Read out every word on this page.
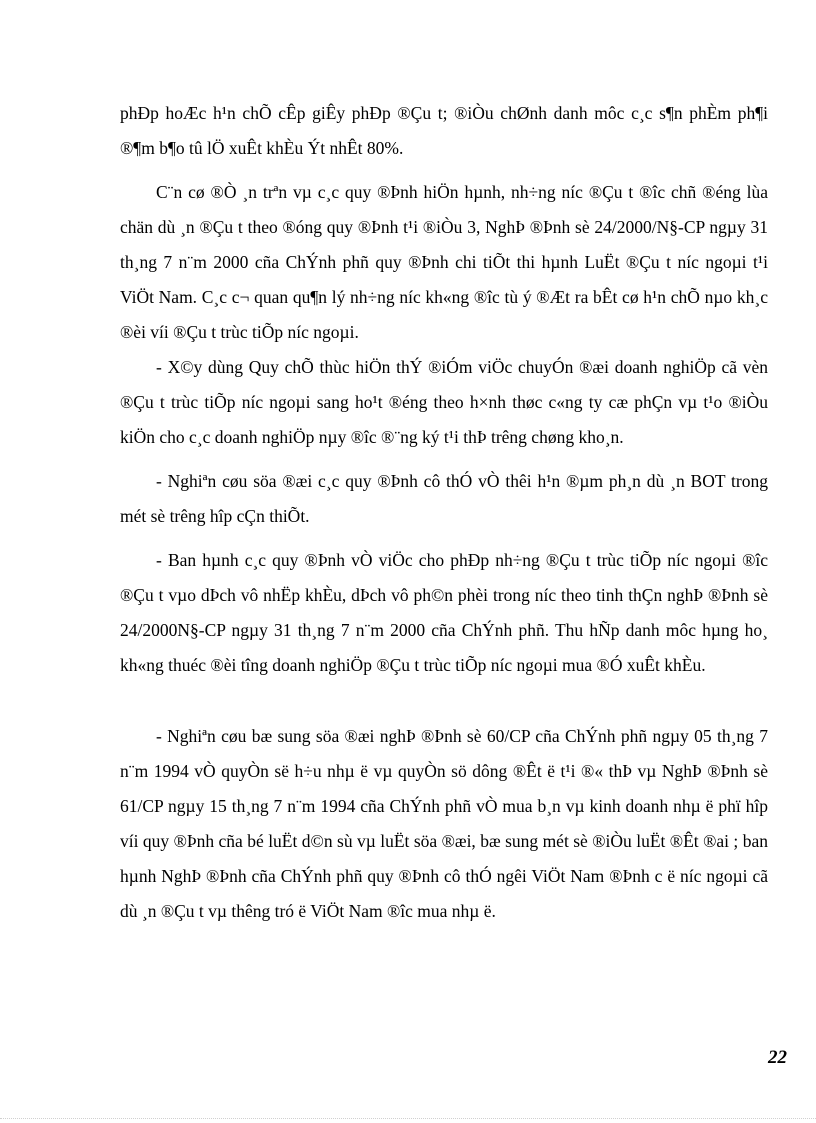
phÐp hoÆc h¹n chÕ cÊp giÊy phÐp ®Çu t; ®iÒu chØnh danh môc c¸c s¶n phÈm ph¶i ®¶m b¶o tû lÖ xuÊt khÈu Ýt nhÊt 80%.

C¨n cø ®Ò ¸n trªn vµ c¸c quy ®Þnh hiÖn hµnh, nh÷ng níc ®Çu t ®îc chñ ®éng lùa chän dù ¸n ®Çu t theo ®óng quy ®Þnh t¹i ®iÒu 3, NghÞ ®Þnh sè 24/2000/N§-CP ngµy 31 th¸ng 7 n¨m 2000 cña ChÝnh phñ quy ®Þnh chi tiÕt thi hµnh LuËt ®Çu t níc ngoµi t¹i ViÖt Nam. C¸c c¬ quan qu¶n lý nh÷ng níc kh«ng ®îc tù ý ®Æt ra bÊt cø h¹n chÕ nµo kh¸c ®èi víi ®Çu t trùc tiÕp níc ngoµi.

- X©y dùng Quy chÕ thùc hiÖn thÝ ®iÓm viÖc chuyÓn ®æi doanh nghiÖp cã vèn ®Çu t trùc tiÕp níc ngoµi sang ho¹t ®éng theo h×nh thøc c«ng ty cæ phÇn vµ t¹o ®iÒu kiÖn cho c¸c doanh nghiÖp nµy ®îc ®¨ng ký t¹i thÞ trêng chøng kho¸n.

- Nghiªn cøu söa ®æi c¸c quy ®Þnh cô thÓ vÒ thêi h¹n ®µm ph¸n dù ¸n BOT trong mét sè trêng hîp cÇn thiÕt.

- Ban hµnh c¸c quy ®Þnh vÒ viÖc cho phÐp nh÷ng ®Çu t trùc tiÕp níc ngoµi ®îc ®Çu t vµo dÞch vô nhËp khÈu, dÞch vô ph©n phèi trong níc theo tinh thÇn nghÞ ®Þnh sè 24/2000N§-CP ngµy 31 th¸ng 7 n¨m 2000 cña ChÝnh phñ. Thu hÑp danh môc hµng ho¸ kh«ng thuéc ®èi tîng doanh nghiÖp ®Çu t trùc tiÕp níc ngoµi mua ®Ó xuÊt khÈu.

- Nghiªn cøu bæ sung söa ®æi nghÞ ®Þnh sè 60/CP cña ChÝnh phñ ngµy 05 th¸ng 7 n¨m 1994 vÒ quyÒn së h÷u nhµ ë vµ quyÒn sö dông ®Êt ë t¹i ®« thÞ vµ NghÞ ®Þnh sè 61/CP ngµy 15 th¸ng 7 n¨m 1994 cña ChÝnh phñ vÒ mua b¸n vµ kinh doanh nhµ ë phï hîp víi quy ®Þnh cña bé luËt d©n sù vµ luËt söa ®æi, bæ sung mét sè ®iÒu luËt ®Êt ®ai ; ban hµnh NghÞ ®Þnh cña ChÝnh phñ quy ®Þnh cô thÓ ngêi ViÖt Nam ®Þnh c ë níc ngoµi cã dù ¸n ®Çu t vµ thêng tró ë ViÖt Nam ®îc mua nhµ ë.

22
